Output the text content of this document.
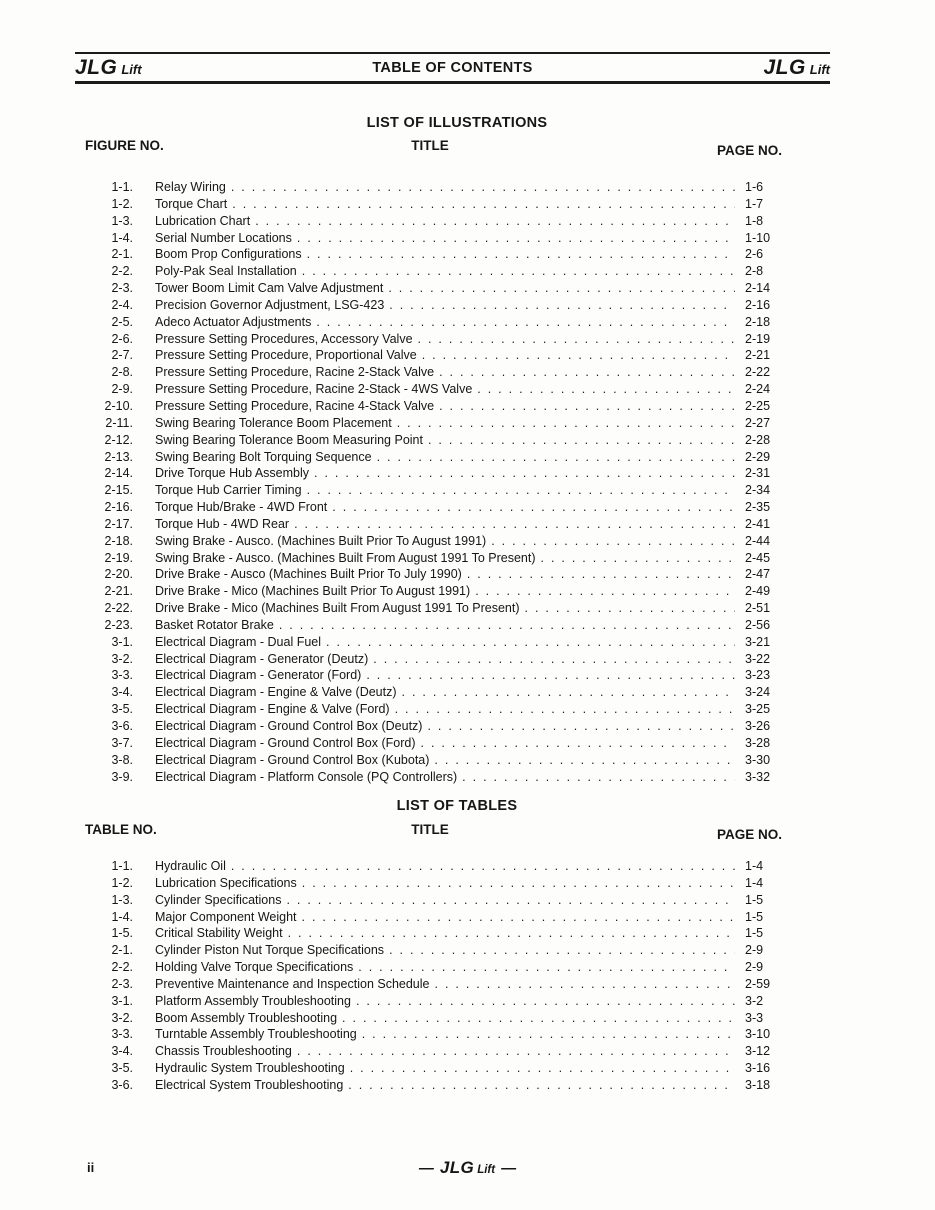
JLG Lift	TABLE OF CONTENTS	JLG Lift
LIST OF ILLUSTRATIONS
FIGURE NO.	TITLE	PAGE NO.
1-1.	Relay Wiring . . .	1-6
1-2.	Torque Chart . . .	1-7
1-3.	Lubrication Chart . . .	1-8
1-4.	Serial Number Locations . . .	1-10
2-1.	Boom Prop Configurations . . .	2-6
2-2.	Poly-Pak Seal Installation . . .	2-8
2-3.	Tower Boom Limit Cam Valve Adjustment . . .	2-14
2-4.	Precision Governor Adjustment, LSG-423 . . .	2-16
2-5.	Adeco Actuator Adjustments . . .	2-18
2-6.	Pressure Setting Procedures, Accessory Valve . . .	2-19
2-7.	Pressure Setting Procedure, Proportional Valve . . .	2-21
2-8.	Pressure Setting Procedure, Racine 2-Stack Valve . . .	2-22
2-9.	Pressure Setting Procedure, Racine 2-Stack - 4WS Valve . . .	2-24
2-10.	Pressure Setting Procedure, Racine 4-Stack Valve . . .	2-25
2-11.	Swing Bearing Tolerance Boom Placement . . .	2-27
2-12.	Swing Bearing Tolerance Boom Measuring Point . . .	2-28
2-13.	Swing Bearing Bolt Torquing Sequence . . .	2-29
2-14.	Drive Torque Hub Assembly . . .	2-31
2-15.	Torque Hub Carrier Timing . . .	2-34
2-16.	Torque Hub/Brake - 4WD Front . . .	2-35
2-17.	Torque Hub - 4WD Rear . . .	2-41
2-18.	Swing Brake - Ausco. (Machines Built Prior To August 1991) . . .	2-44
2-19.	Swing Brake - Ausco. (Machines Built From August 1991 To Present) . . .	2-45
2-20.	Drive Brake - Ausco (Machines Built Prior To July 1990) . . .	2-47
2-21.	Drive Brake - Mico (Machines Built Prior To August 1991) . . .	2-49
2-22.	Drive Brake - Mico (Machines Built From August 1991 To Present) . . .	2-51
2-23.	Basket Rotator Brake . . .	2-56
3-1.	Electrical Diagram - Dual Fuel . . .	3-21
3-2.	Electrical Diagram - Generator (Deutz) . . .	3-22
3-3.	Electrical Diagram - Generator (Ford) . . .	3-23
3-4.	Electrical Diagram - Engine & Valve (Deutz) . . .	3-24
3-5.	Electrical Diagram - Engine & Valve (Ford) . . .	3-25
3-6.	Electrical Diagram - Ground Control Box (Deutz) . . .	3-26
3-7.	Electrical Diagram - Ground Control Box (Ford) . . .	3-28
3-8.	Electrical Diagram - Ground Control Box (Kubota) . . .	3-30
3-9.	Electrical Diagram - Platform Console (PQ Controllers) . . .	3-32
LIST OF TABLES
TABLE NO.	TITLE	PAGE NO.
1-1.	Hydraulic Oil . . .	1-4
1-2.	Lubrication Specifications . . .	1-4
1-3.	Cylinder Specifications . . .	1-5
1-4.	Major Component Weight . . .	1-5
1-5.	Critical Stability Weight . . .	1-5
2-1.	Cylinder Piston Nut Torque Specifications . . .	2-9
2-2.	Holding Valve Torque Specifications . . .	2-9
2-3.	Preventive Maintenance and Inspection Schedule . . .	2-59
3-1.	Platform Assembly Troubleshooting . . .	3-2
3-2.	Boom Assembly Troubleshooting . . .	3-3
3-3.	Turntable Assembly Troubleshooting . . .	3-10
3-4.	Chassis Troubleshooting . . .	3-12
3-5.	Hydraulic System Troubleshooting . . .	3-16
3-6.	Electrical System Troubleshooting . . .	3-18
ii	— JLG Lift —
